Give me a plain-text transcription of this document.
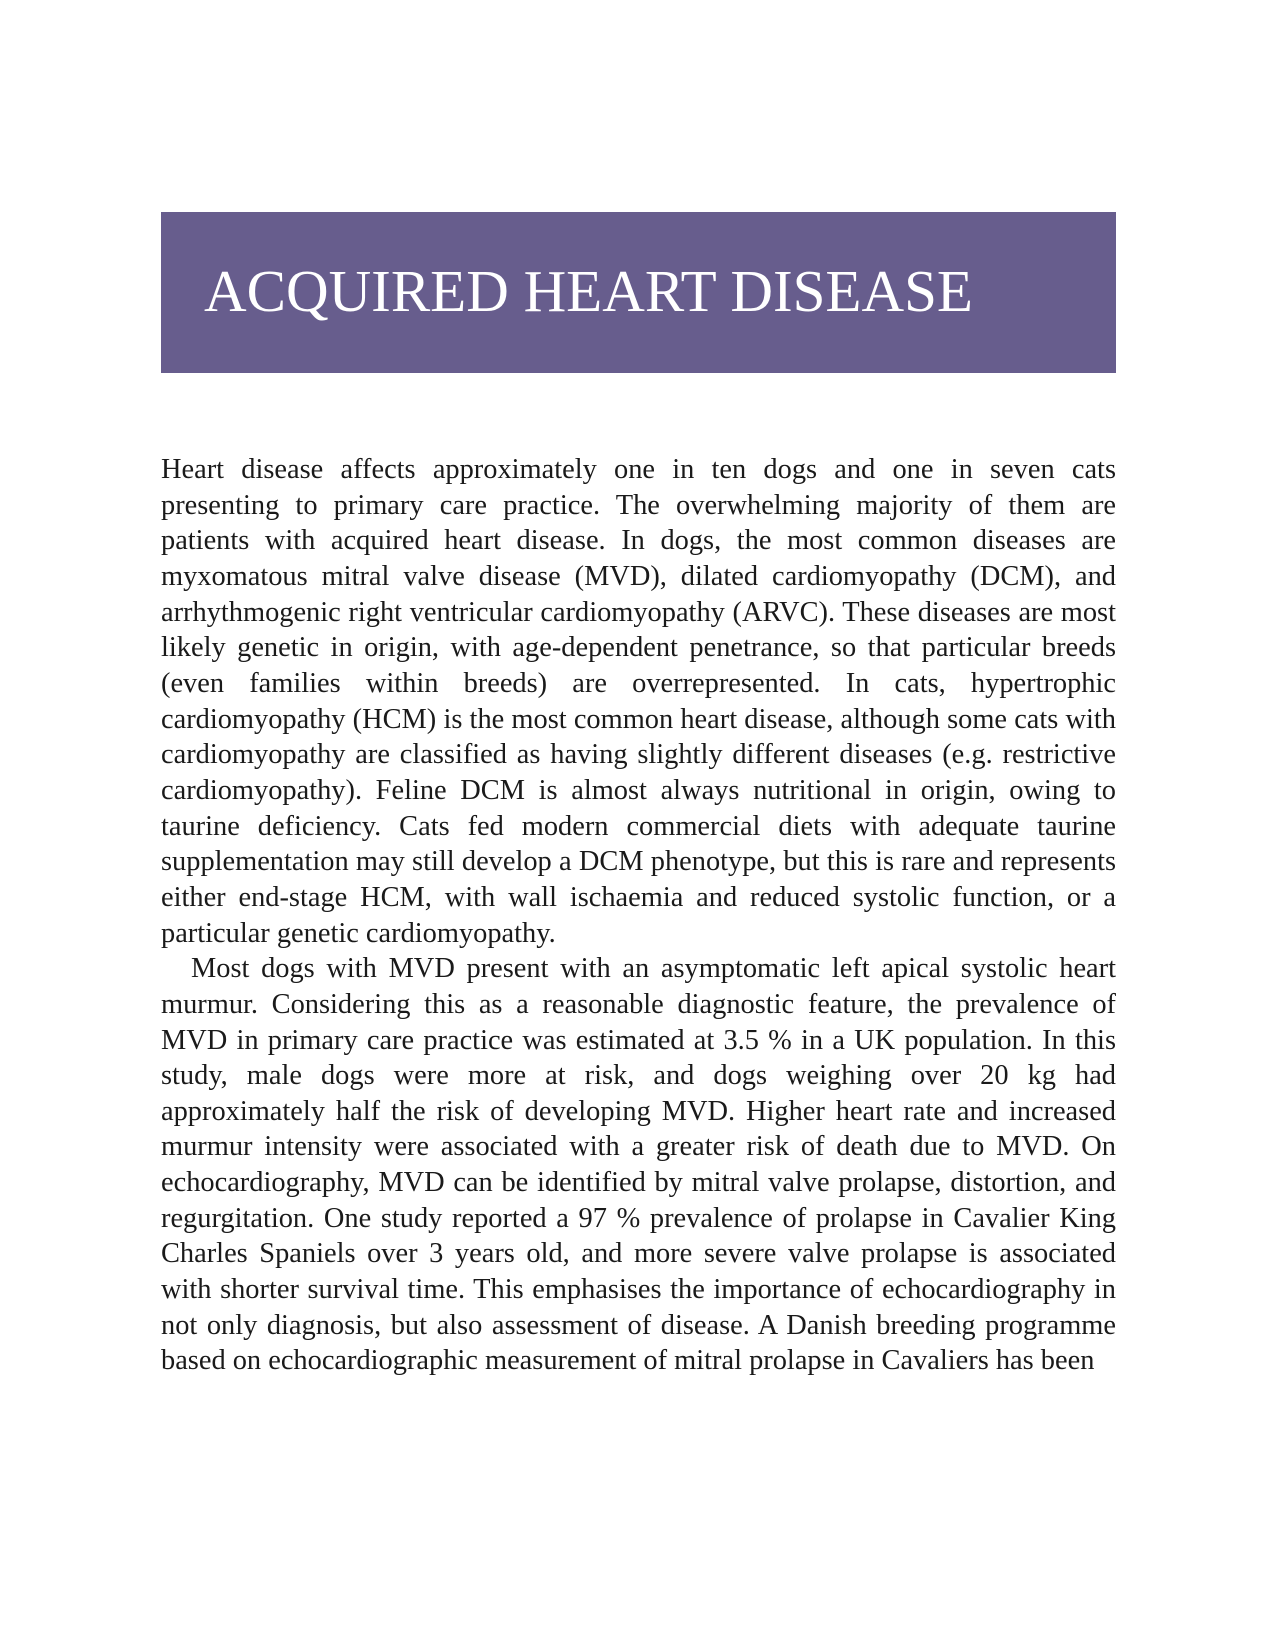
ACQUIRED HEART DISEASE

Heart disease affects approximately one in ten dogs and one in seven cats presenting to primary care practice. The overwhelming majority of them are patients with acquired heart disease. In dogs, the most common diseases are myxomatous mitral valve disease (MVD), dilated cardiomyopathy (DCM), and arrhythmogenic right ventricular cardiomyopathy (ARVC). These diseases are most likely genetic in origin, with age-dependent penetrance, so that particular breeds (even families within breeds) are overrepresented. In cats, hypertrophic cardiomyopathy (HCM) is the most common heart disease, although some cats with cardiomyopathy are classified as having slightly different diseases (e.g. restrictive cardiomyopathy). Feline DCM is almost always nutritional in origin, owing to taurine deficiency. Cats fed modern commercial diets with adequate taurine supplementation may still develop a DCM phenotype, but this is rare and represents either end-stage HCM, with wall ischaemia and reduced systolic function, or a particular genetic cardiomyopathy.

Most dogs with MVD present with an asymptomatic left apical systolic heart murmur. Considering this as a reasonable diagnostic feature, the prevalence of MVD in primary care practice was estimated at 3.5 % in a UK population. In this study, male dogs were more at risk, and dogs weighing over 20 kg had approximately half the risk of developing MVD. Higher heart rate and increased murmur intensity were associated with a greater risk of death due to MVD. On echocardiography, MVD can be identified by mitral valve prolapse, distortion, and regurgitation. One study reported a 97 % prevalence of prolapse in Cavalier King Charles Spaniels over 3 years old, and more severe valve prolapse is associated with shorter survival time. This emphasises the importance of echocardiography in not only diagnosis, but also assessment of disease. A Danish breeding programme based on echocardiographic measurement of mitral prolapse in Cavaliers has been
